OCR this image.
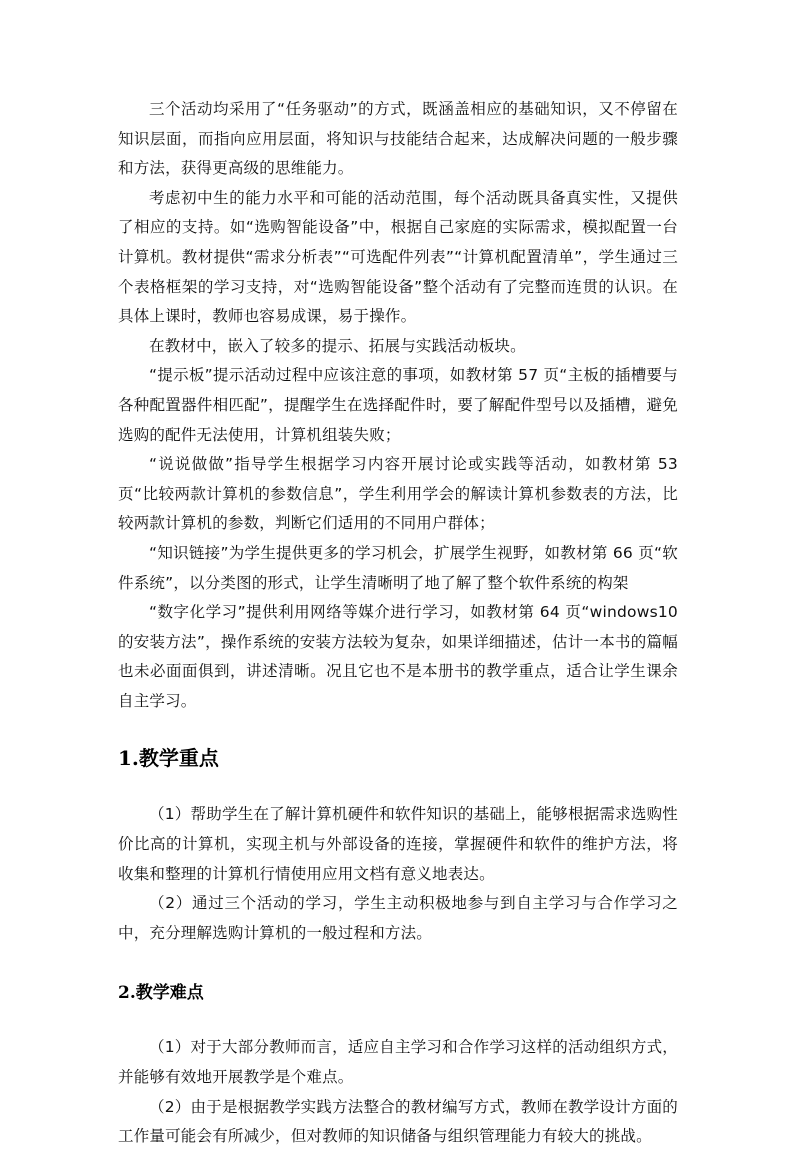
三个活动均采用了“任务驱动”的方式，既涵盖相应的基础知识，又不停留在知识层面，而指向应用层面，将知识与技能结合起来，达成解决问题的一般步骤和方法，获得更高级的思维能力。

考虑初中生的能力水平和可能的活动范围，每个活动既具备真实性，又提供了相应的支持。如“选购智能设备”中，根据自己家庭的实际需求，模拟配置一台计算机。教材提供“需求分析表”“可选配件列表”“计算机配置清单”，学生通过三个表格框架的学习支持，对“选购智能设备”整个活动有了完整而连贯的认识。在具体上课时，教师也容易成课，易于操作。

在教材中，嵌入了较多的提示、拓展与实践活动板块。

“提示板”提示活动过程中应该注意的事项，如教材第 57 页“主板的插槽要与各种配置器件相匹配”，提醒学生在选择配件时，要了解配件型号以及插槽，避免选购的配件无法使用，计算机组装失败；

“说说做做”指导学生根据学习内容开展讨论或实践等活动，如教材第 53 页“比较两款计算机的参数信息”，学生利用学会的解读计算机参数表的方法，比较两款计算机的参数，判断它们适用的不同用户群体；

“知识链接”为学生提供更多的学习机会，扩展学生视野，如教材第 66 页“软件系统”，以分类图的形式，让学生清晰明了地了解了整个软件系统的构架

“数字化学习”提供利用网络等媒介进行学习，如教材第 64 页“windows10的安装方法”，操作系统的安装方法较为复杂，如果详细描述，估计一本书的篇幅也未必面面俱到，讲述清晰。况且它也不是本册书的教学重点，适合让学生课余自主学习。

1.教学重点

（1）帮助学生在了解计算机硬件和软件知识的基础上，能够根据需求选购性价比高的计算机，实现主机与外部设备的连接，掌握硬件和软件的维护方法，将收集和整理的计算机行情使用应用文档有意义地表达。

（2）通过三个活动的学习，学生主动积极地参与到自主学习与合作学习之中，充分理解选购计算机的一般过程和方法。

2.教学难点

（1）对于大部分教师而言，适应自主学习和合作学习这样的活动组织方式，并能够有效地开展教学是个难点。

（2）由于是根据教学实践方法整合的教材编写方式，教师在教学设计方面的工作量可能会有所减少，但对教师的知识储备与组织管理能力有较大的挑战。
